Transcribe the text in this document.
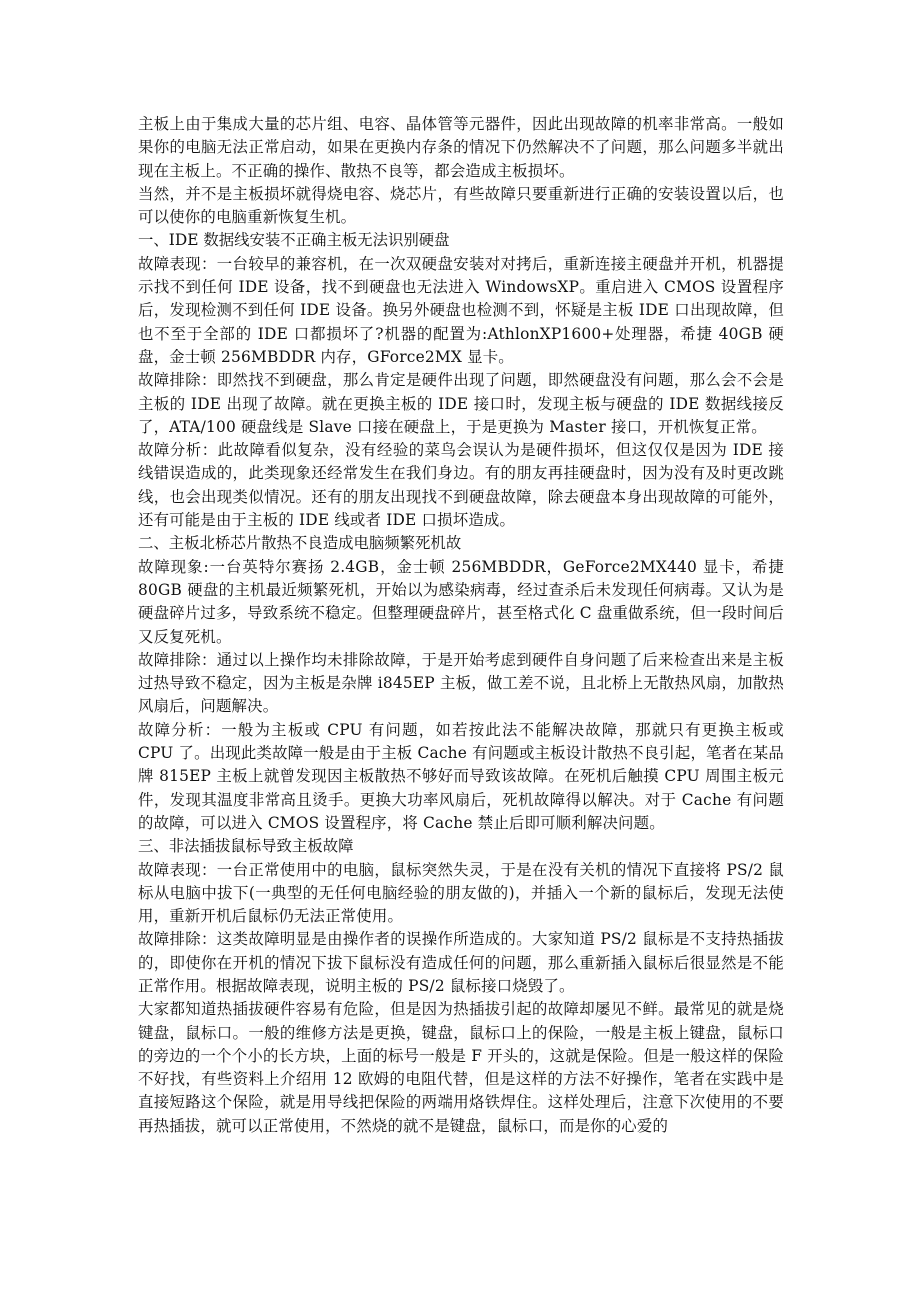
主板上由于集成大量的芯片组、电容、晶体管等元器件，因此出现故障的机率非常高。一般如果你的电脑无法正常启动，如果在更换内存条的情况下仍然解决不了问题，那么问题多半就出现在主板上。不正确的操作、散热不良等，都会造成主板损坏。

当然，并不是主板损坏就得烧电容、烧芯片，有些故障只要重新进行正确的安装设置以后，也可以使你的电脑重新恢复生机。

一、IDE 数据线安装不正确主板无法识别硬盘

故障表现：一台较早的兼容机，在一次双硬盘安装对对拷后，重新连接主硬盘并开机，机器提示找不到任何 IDE 设备，找不到硬盘也无法进入 WindowsXP。重启进入 CMOS 设置程序后，发现检测不到任何 IDE 设备。换另外硬盘也检测不到，怀疑是主板 IDE 口出现故障，但也不至于全部的 IDE 口都损坏了?机器的配置为:AthlonXP1600+处理器，希捷 40GB 硬盘，金士顿 256MBDDR 内存，GForce2MX 显卡。

故障排除：即然找不到硬盘，那么肯定是硬件出现了问题，即然硬盘没有问题，那么会不会是主板的 IDE 出现了故障。就在更换主板的 IDE 接口时，发现主板与硬盘的 IDE 数据线接反了，ATA/100 硬盘线是 Slave 口接在硬盘上，于是更换为 Master 接口，开机恢复正常。

故障分析：此故障看似复杂，没有经验的菜鸟会误认为是硬件损坏，但这仅仅是因为 IDE 接线错误造成的，此类现象还经常发生在我们身边。有的朋友再挂硬盘时，因为没有及时更改跳线，也会出现类似情况。还有的朋友出现找不到硬盘故障，除去硬盘本身出现故障的可能外，还有可能是由于主板的 IDE 线或者 IDE 口损坏造成。

二、主板北桥芯片散热不良造成电脑频繁死机故

故障现象:一台英特尔赛扬 2.4GB，金士顿 256MBDDR，GeForce2MX440 显卡，希捷 80GB 硬盘的主机最近频繁死机，开始以为感染病毒，经过查杀后未发现任何病毒。又认为是硬盘碎片过多，导致系统不稳定。但整理硬盘碎片，甚至格式化 C 盘重做系统，但一段时间后又反复死机。

故障排除：通过以上操作均未排除故障，于是开始考虑到硬件自身问题了后来检查出来是主板过热导致不稳定，因为主板是杂牌 i845EP 主板，做工差不说，且北桥上无散热风扇，加散热风扇后，问题解决。

故障分析：一般为主板或 CPU 有问题，如若按此法不能解决故障，那就只有更换主板或 CPU 了。出现此类故障一般是由于主板 Cache 有问题或主板设计散热不良引起，笔者在某品牌 815EP 主板上就曾发现因主板散热不够好而导致该故障。在死机后触摸 CPU 周围主板元件，发现其温度非常高且烫手。更换大功率风扇后，死机故障得以解决。对于 Cache 有问题的故障，可以进入 CMOS 设置程序，将 Cache 禁止后即可顺利解决问题。

三、非法插拔鼠标导致主板故障

故障表现：一台正常使用中的电脑，鼠标突然失灵，于是在没有关机的情况下直接将 PS/2 鼠标从电脑中拔下(一典型的无任何电脑经验的朋友做的)，并插入一个新的鼠标后，发现无法使用，重新开机后鼠标仍无法正常使用。

故障排除：这类故障明显是由操作者的误操作所造成的。大家知道 PS/2 鼠标是不支持热插拔的，即使你在开机的情况下拔下鼠标没有造成任何的问题，那么重新插入鼠标后很显然是不能正常作用。根据故障表现，说明主板的 PS/2 鼠标接口烧毁了。

大家都知道热插拔硬件容易有危险，但是因为热插拔引起的故障却屡见不鲜。最常见的就是烧键盘，鼠标口。一般的维修方法是更换，键盘，鼠标口上的保险，一般是主板上键盘，鼠标口的旁边的一个个小的长方块，上面的标号一般是 F 开头的，这就是保险。但是一般这样的保险不好找，有些资料上介绍用 12 欧姆的电阻代替，但是这样的方法不好操作，笔者在实践中是直接短路这个保险，就是用导线把保险的两端用烙铁焊住。这样处理后，注意下次使用的不要再热插拔，就可以正常使用，不然烧的就不是键盘，鼠标口，而是你的心爱的
